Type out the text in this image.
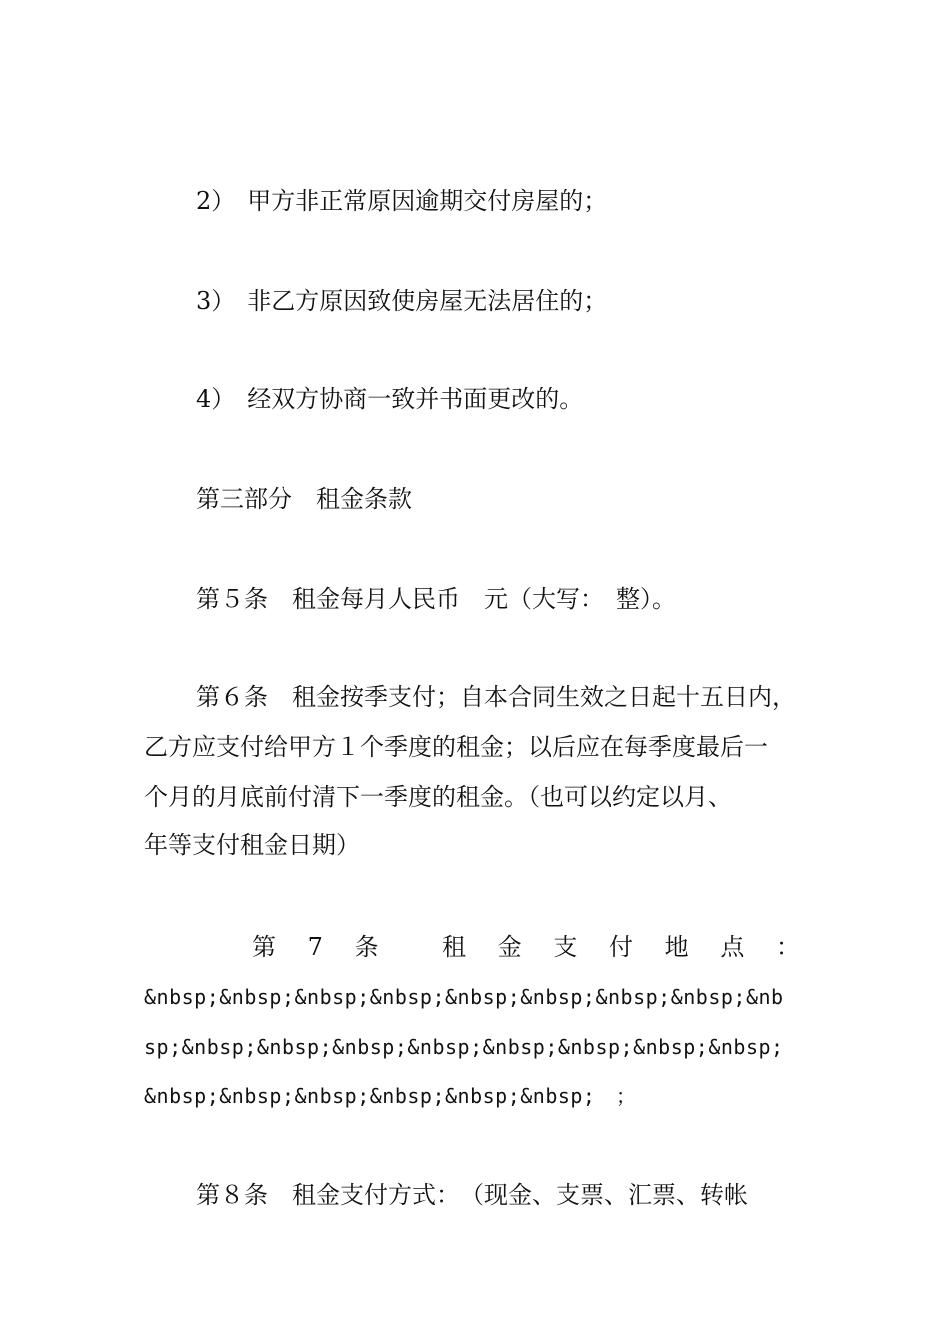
2）　甲方非正常原因逾期交付房屋的；

3）　非乙方原因致使房屋无法居住的；

4）　经双方协商一致并书面更改的。

第三部分　租金条款

第５条　租金每月人民币　元（大写：　整）。

第６条　租金按季支付；自本合同生效之日起十五日内，

乙方应支付给甲方１个季度的租金；以后应在每季度最后一

个月的月底前付清下一季度的租金。（也可以约定以月、

年等支付租金日期）

第 7 条	租 金 支 付 地 点 ：

&nbsp;&nbsp;&nbsp;&nbsp;&nbsp;&nbsp;&nbsp;&nbsp;&nb

sp;&nbsp;&nbsp;&nbsp;&nbsp;&nbsp;&nbsp;&nbsp;&nbsp;

&nbsp;&nbsp;&nbsp;&nbsp;&nbsp;&nbsp;　；

第８条　租金支付方式：　（现金、支票、汇票、转帐
